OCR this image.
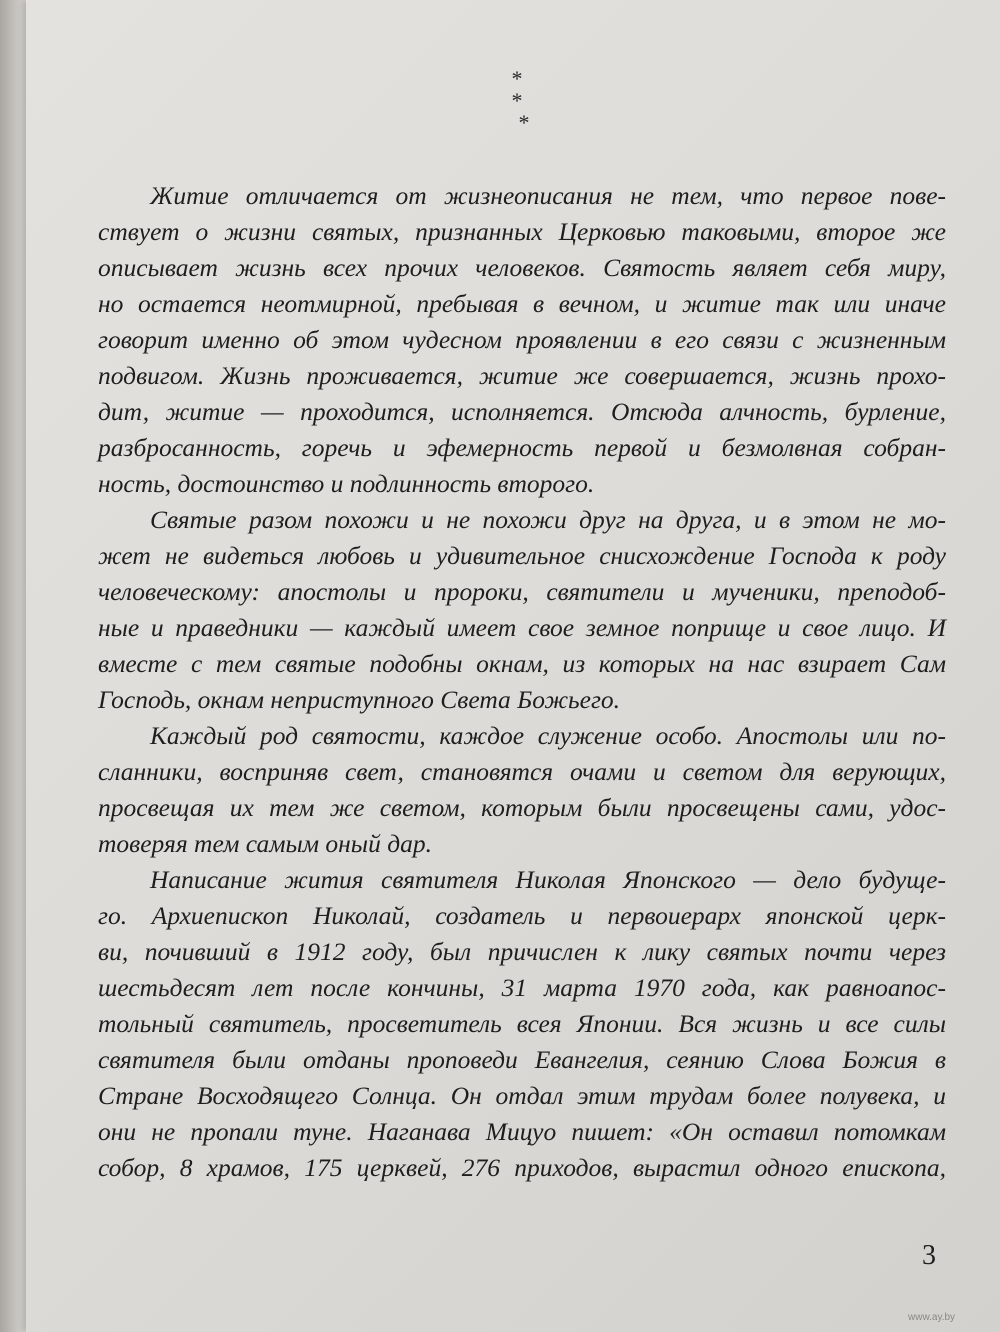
* *
*
Житие отличается от жизнеописания не тем, что первое пове-
ствует о жизни святых, признанных Церковью таковыми, второе же
описывает жизнь всех прочих человеков. Святость являет себя миру,
но остается неотмирной, пребывая в вечном, и житие так или иначе
говорит именно об этом чудесном проявлении в его связи с жизненным
подвигом. Жизнь проживается, житие же совершается, жизнь прохо-
дит, житие — проходится, исполняется. Отсюда алчность, бурление,
разбросанность, горечь и эфемерность первой и безмолвная собран-
ность, достоинство и подлинность второго.
Святые разом похожи и не похожи друг на друга, и в этом не мо-
жет не видеться любовь и удивительное снисхождение Господа к роду
человеческому: апостолы и пророки, святители и мученики, преподоб-
ные и праведники — каждый имеет свое земное поприще и свое лицо. И
вместе с тем святые подобны окнам, из которых на нас взирает Сам
Господь, окнам неприступного Света Божьего.
Каждый род святости, каждое служение особо. Апостолы или по-
сланники, восприняв свет, становятся очами и светом для верующих,
просвещая их тем же светом, которым были просвещены сами, удос-
товеряя тем самым оный дар.
Написание жития святителя Николая Японского — дело будуще-
го. Архиепископ Николай, создатель и первоиерарх японской церк-
ви, почивший в 1912 году, был причислен к лику святых почти через
шестьдесят лет после кончины, 31 марта 1970 года, как равноапос-
тольный святитель, просветитель всея Японии. Вся жизнь и все силы
святителя были отданы проповеди Евангелия, сеянию Слова Божия в
Стране Восходящего Солнца. Он отдал этим трудам более полувека, и
они не пропали туне. Наганава Мицуо пишет: «Он оставил потомкам
собор, 8 храмов, 175 церквей, 276 приходов, вырастил одного епископа,
3
www.ay.by
